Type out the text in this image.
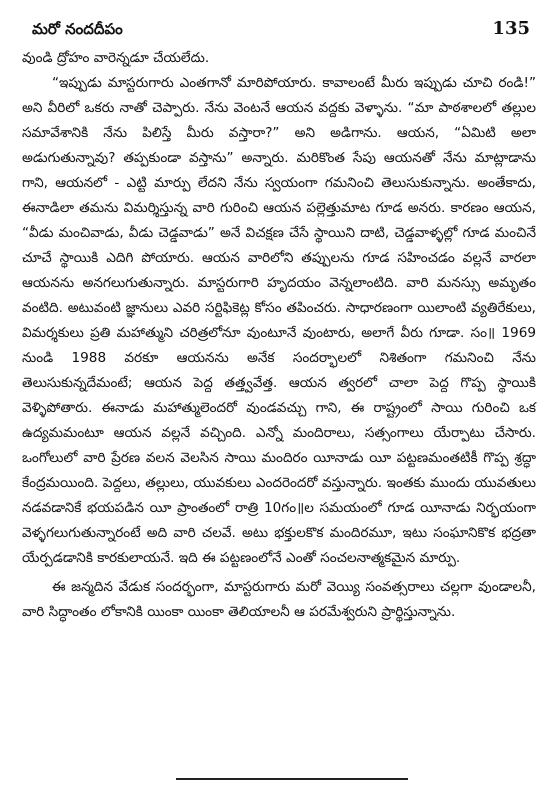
మరో నందదీపం	135

వుండి ద్రోహం వారెన్నడూ చేయలేదు.

“ఇప్పుడు మాస్టరుగారు ఎంతగానో మారిపోయారు. కావాలంటే మీరు ఇప్పుడు చూచి రండి!” అని వీరిలో ఒకరు నాతో చెప్పారు. నేను వెంటనే ఆయన వద్దకు వెళ్ళాను. “మా పాఠశాలలో తల్లుల సమావేశానికి నేను పిలిస్తే మీరు వస్తారా?” అని అడిగాను. ఆయన, “ఏమిటి అలా అడుగుతున్నావు? తప్పకుండా వస్తాను” అన్నారు. మరికొంత సేపు ఆయనతో నేను మాట్లాడాను గాని, ఆయనలో - ఎట్టి మార్పు లేదని నేను స్వయంగా గమనించి తెలుసుకున్నాను. అంతేకాదు, ఈనాడిలా తమను విమర్శిస్తున్న వారి గురించి ఆయన పల్లెత్తుమాట గూడ అనరు. కారణం ఆయన, “వీడు మంచివాడు, వీడు చెడ్డవాడు” అనే విచక్షణ చేసే స్థాయిని దాటి, చెడ్డవాళ్ళల్లో గూడ మంచినే చూచే స్థాయికి ఎదిగి పోయారు. ఆయన వారిలోని తప్పులను గూడ సహించడం వల్లనే వారలా ఆయనను అనగలుగుతున్నారు. మాస్టరుగారి హృదయం వెన్నలాంటిది. వారి మనస్సు అమృతం వంటిది. అటువంటి జ్ఞానులు ఎవరి సర్టిఫికెట్ల కోసం తపించరు. సాధారణంగా యిలాంటి వ్యతిరేకులు, విమర్శకులు ప్రతి మహాత్ముని చరిత్రలోనూ వుంటూనే వుంటారు, అలాగే వీరు గూడా. సం॥ 1969 నుండి 1988 వరకూ ఆయనను అనేక సందర్భాలలో నిశితంగా గమనించి నేను తెలుసుకున్నదేమంటే; ఆయన పెద్ద తత్త్వవేత్త. ఆయన త్వరలో చాలా పెద్ద గొప్ప స్థాయికి వెళ్ళిపోతారు. ఈనాడు మహాత్ములెందరో వుండవచ్చు గాని, ఈ రాష్ట్రంలో సాయి గురించి ఒక ఉద్యమమంటూ ఆయన వల్లనే వచ్చింది. ఎన్నో మందిరాలు, సత్సంగాలు యేర్పాటు చేసారు. ఒంగోలులో వారి ప్రేరణ వలన వెలసిన సాయి మందిరం యీనాడు యీ పట్టణమంతటికీ గొప్ప శ్రద్ధా కేంద్రమయింది. పెద్దలు, తల్లులు, యువకులు ఎందరెందరో వస్తున్నారు. ఇంతకు ముందు యువతులు నడవడానికే భయపడిన యీ ప్రాంతంలో రాత్రి 10గం॥ల సమయంలో గూడ యీనాడు నిర్భయంగా వెళ్ళగలుగుతున్నారంటే అది వారి చలవే. అటు భక్తులకొక మందిరమూ, ఇటు సంఘానికొక భద్రతా యేర్పడడానికి కారకులాయనే. ఇది ఈ పట్టణంలోనే ఎంతో సంచలనాత్మకమైన మార్పు.

ఈ జన్మదిన వేడుక సందర్భంగా, మాస్టరుగారు మరో వెయ్యి సంవత్సరాలు చల్లగా వుండాలనీ, వారి సిద్ధాంతం లోకానికి యింకా యింకా తెలియాలనీ ఆ పరమేశ్వరుని ప్రార్థిస్తున్నాను.
